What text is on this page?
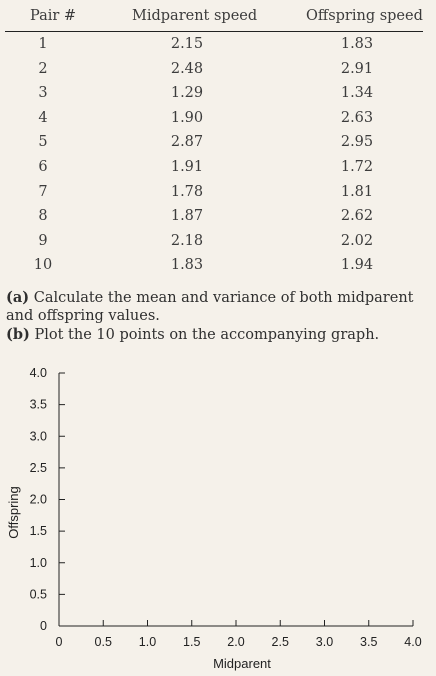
Pair #	Midparent speed	Offspring speed
1	2.15	1.83
2	2.48	2.91
3	1.29	1.34
4	1.90	2.63
5	2.87	2.95
6	1.91	1.72
7	1.78	1.81
8	1.87	2.62
9	2.18	2.02
10	1.83	1.94
(a) Calculate the mean and variance of both midparent and offspring values.
(b) Plot the 10 points on the accompanying graph.
0	0.5 1.0 1.5 2.0 2.5 3.0 3.5 4.0
0
0.5
1.0
1.5
2.0
2.5
3.0
3.5
4.0
Midparent
Offspring
